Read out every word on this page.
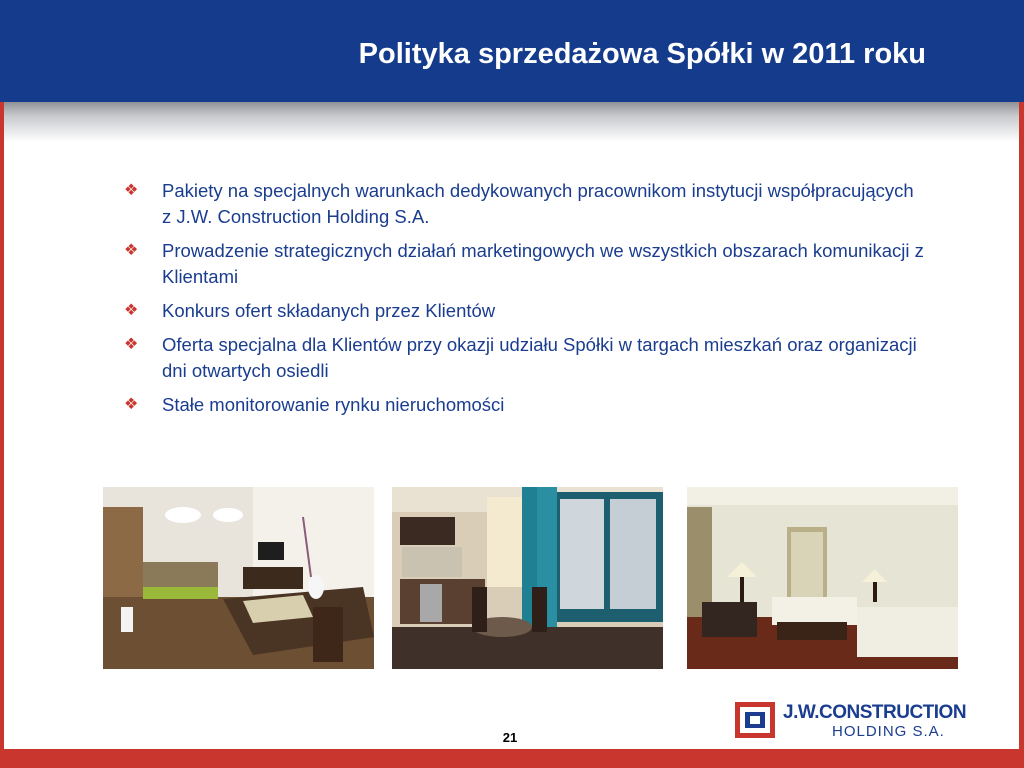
Polityka sprzedażowa Spółki w 2011 roku
❖	Pakiety na specjalnych warunkach dedykowanych pracownikom instytucji współpracujących z J.W. Construction Holding S.A.
❖	Prowadzenie strategicznych działań marketingowych we wszystkich obszarach komunikacji z Klientami
❖	Konkurs ofert składanych przez Klientów
❖	Oferta specjalna dla Klientów przy okazji udziału Spółki w targach mieszkań oraz organizacji dni otwartych osiedli
❖	Stałe monitorowanie rynku nieruchomości
21
J.W.CONSTRUCTION
HOLDING S.A.
